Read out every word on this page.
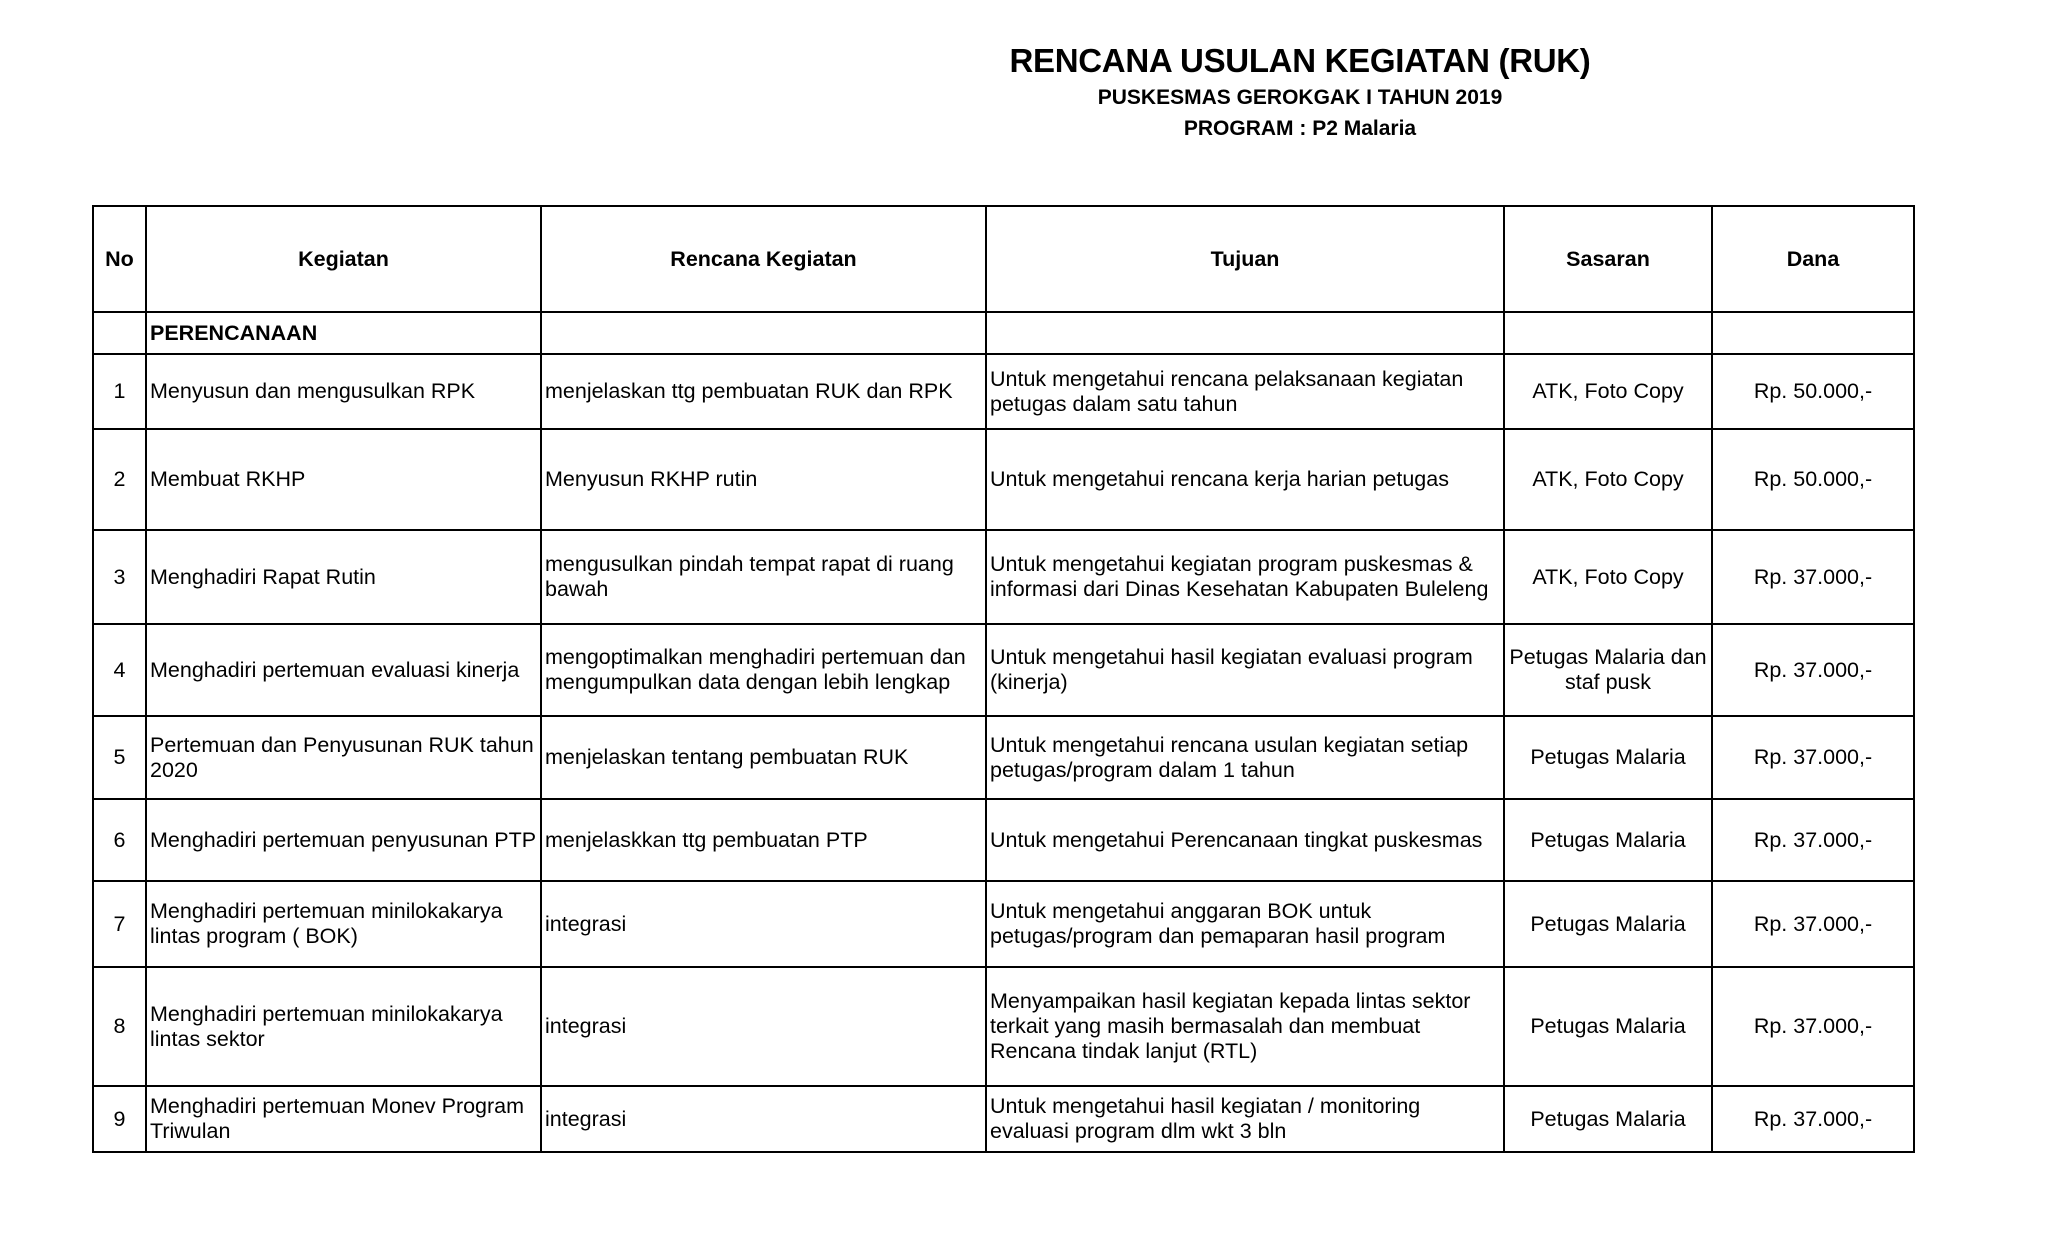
RENCANA USULAN KEGIATAN (RUK)
PUSKESMAS GEROKGAK I TAHUN 2019
PROGRAM : P2 Malaria
No	Kegiatan	Rencana Kegiatan	Tujuan	Sasaran	Dana
	PERENCANAAN				
1	Menyusun dan mengusulkan RPK	menjelaskan ttg pembuatan RUK dan RPK	Untuk mengetahui rencana pelaksanaan kegiatan petugas dalam satu tahun	ATK, Foto Copy	Rp. 50.000,-
2	Membuat RKHP	Menyusun RKHP rutin	Untuk mengetahui rencana kerja harian petugas	ATK, Foto Copy	Rp. 50.000,-
3	Menghadiri Rapat Rutin	mengusulkan pindah tempat rapat di ruang bawah	Untuk mengetahui kegiatan program puskesmas & informasi dari Dinas Kesehatan Kabupaten Buleleng	ATK, Foto Copy	Rp. 37.000,-
4	Menghadiri pertemuan evaluasi kinerja	mengoptimalkan menghadiri pertemuan dan mengumpulkan data dengan lebih lengkap	Untuk mengetahui hasil kegiatan evaluasi program (kinerja)	Petugas Malaria dan staf pusk	Rp. 37.000,-
5	Pertemuan dan Penyusunan RUK tahun 2020	menjelaskan tentang pembuatan RUK	Untuk mengetahui rencana usulan kegiatan setiap petugas/program dalam 1 tahun	Petugas Malaria	Rp. 37.000,-
6	Menghadiri pertemuan penyusunan PTP	menjelaskkan ttg pembuatan PTP	Untuk mengetahui Perencanaan tingkat puskesmas	Petugas Malaria	Rp. 37.000,-
7	Menghadiri pertemuan minilokakarya lintas program ( BOK)	integrasi	Untuk mengetahui anggaran BOK untuk petugas/program dan pemaparan hasil program	Petugas Malaria	Rp. 37.000,-
8	Menghadiri pertemuan minilokakarya lintas sektor	integrasi	Menyampaikan hasil kegiatan kepada lintas sektor terkait yang masih bermasalah dan membuat Rencana tindak lanjut (RTL)	Petugas Malaria	Rp. 37.000,-
9	Menghadiri pertemuan Monev Program Triwulan	integrasi	Untuk mengetahui hasil kegiatan / monitoring evaluasi program dlm wkt 3 bln	Petugas Malaria	Rp. 37.000,-
